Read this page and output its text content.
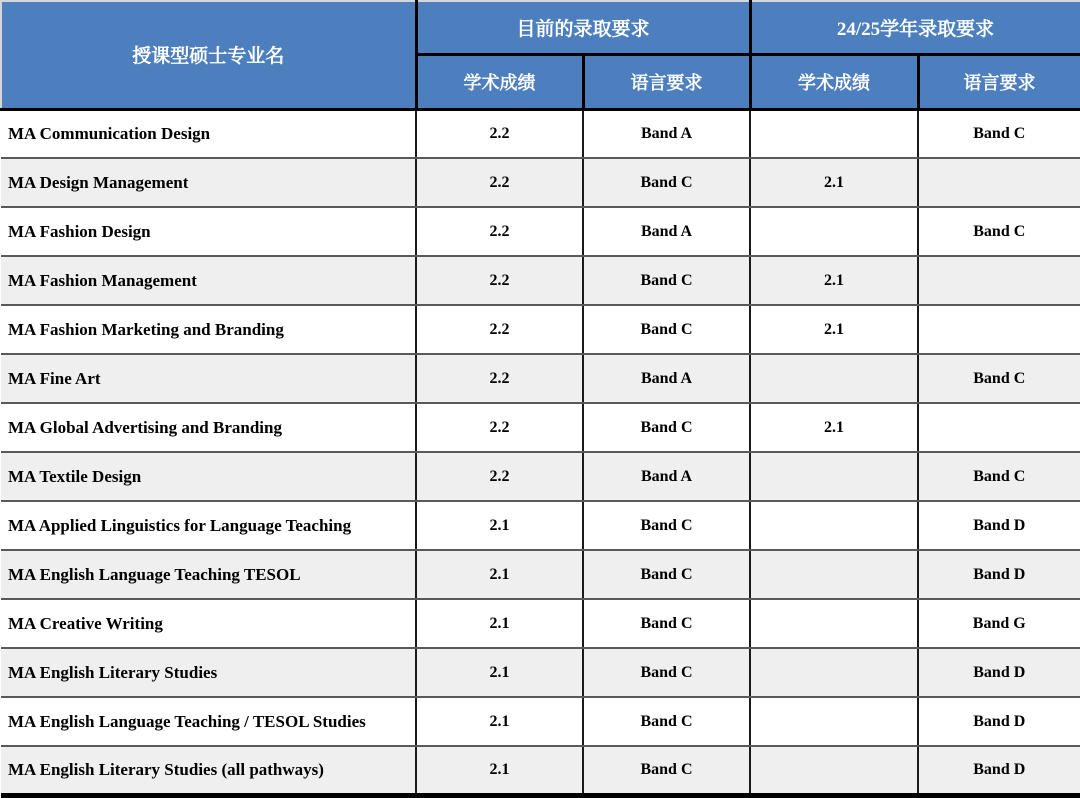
授课型硕士专业名	目前的录取要求		24/25学年录取要求	
	学术成绩	语言要求	学术成绩	语言要求
MA Communication Design	2.2	Band A		Band C
MA Design Management	2.2	Band C	2.1	
MA Fashion Design	2.2	Band A		Band C
MA Fashion Management	2.2	Band C	2.1	
MA Fashion Marketing and Branding	2.2	Band C	2.1	
MA Fine Art	2.2	Band A		Band C
MA Global Advertising and Branding	2.2	Band C	2.1	
MA Textile Design	2.2	Band A		Band C
MA Applied Linguistics for Language Teaching	2.1	Band C		Band D
MA English Language Teaching TESOL	2.1	Band C		Band D
MA Creative Writing	2.1	Band C		Band G
MA English Literary Studies	2.1	Band C		Band D
MA English Language Teaching / TESOL Studies	2.1	Band C		Band D
MA English Literary Studies (all pathways)	2.1	Band C		Band D
